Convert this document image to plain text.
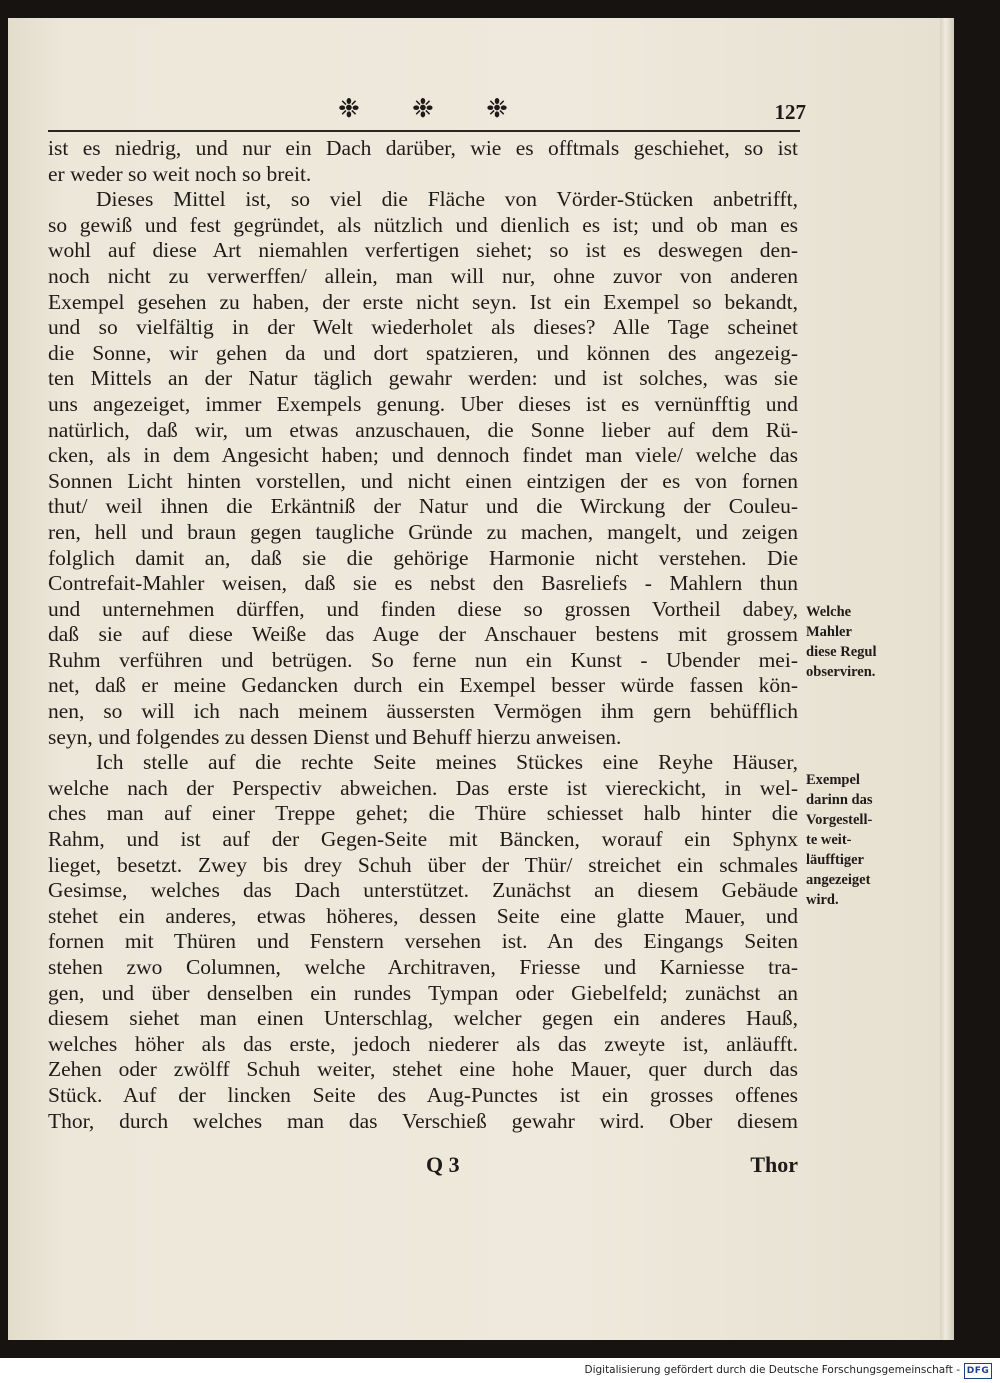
❉ ❉ ❉	127
ist es niedrig, und nur ein Dach darüber, wie es offtmals geschiehet, so ist
er weder so weit noch so breit.
Dieses Mittel ist, so viel die Fläche von Vörder-Stücken anbetrifft,
so gewiß und fest gegründet, als nützlich und dienlich es ist; und ob man es
wohl auf diese Art niemahlen verfertigen siehet; so ist es deswegen den-
noch nicht zu verwerffen/ allein, man will nur, ohne zuvor von anderen
Exempel gesehen zu haben, der erste nicht seyn. Ist ein Exempel so bekandt,
und so vielfältig in der Welt wiederholet als dieses? Alle Tage scheinet
die Sonne, wir gehen da und dort spatzieren, und können des angezeig-
ten Mittels an der Natur täglich gewahr werden: und ist solches, was sie
uns angezeiget, immer Exempels genung. Uber dieses ist es vernünfftig und
natürlich, daß wir, um etwas anzuschauen, die Sonne lieber auf dem Rü-
cken, als in dem Angesicht haben; und dennoch findet man viele/ welche das
Sonnen Licht hinten vorstellen, und nicht einen eintzigen der es von fornen
thut/ weil ihnen die Erkäntniß der Natur und die Wirckung der Couleu-
ren, hell und braun gegen taugliche Gründe zu machen, mangelt, und zeigen
folglich damit an, daß sie die gehörige Harmonie nicht verstehen. Die
Contrefait-Mahler weisen, daß sie es nebst den Basreliefs - Mahlern thun
und unternehmen dürffen, und finden diese so grossen Vortheil dabey,
daß sie auf diese Weiße das Auge der Anschauer bestens mit grossem
Ruhm verführen und betrügen. So ferne nun ein Kunst - Ubender mei-
net, daß er meine Gedancken durch ein Exempel besser würde fassen kön-
nen, so will ich nach meinem äussersten Vermögen ihm gern behüfflich
seyn, und folgendes zu dessen Dienst und Behuff hierzu anweisen.
Ich stelle auf die rechte Seite meines Stückes eine Reyhe Häuser,
welche nach der Perspectiv abweichen. Das erste ist viereckicht, in wel-
ches man auf einer Treppe gehet; die Thüre schiesset halb hinter die
Rahm, und ist auf der Gegen-Seite mit Bäncken, worauf ein Sphynx
lieget, besetzt. Zwey bis drey Schuh über der Thür/ streichet ein schmales
Gesimse, welches das Dach unterstützet. Zunächst an diesem Gebäude
stehet ein anderes, etwas höheres, dessen Seite eine glatte Mauer, und
fornen mit Thüren und Fenstern versehen ist. An des Eingangs Seiten
stehen zwo Columnen, welche Architraven, Friesse und Karniesse tra-
gen, und über denselben ein rundes Tympan oder Giebelfeld; zunächst an
diesem siehet man einen Unterschlag, welcher gegen ein anderes Hauß,
welches höher als das erste, jedoch niederer als das zweyte ist, anläufft.
Zehen oder zwölff Schuh weiter, stehet eine hohe Mauer, quer durch das
Stück. Auf der lincken Seite des Aug-Punctes ist ein grosses offenes
Thor, durch welches man das Verschieß gewahr wird. Ober diesem
Welche
Mahler
diese Regul
observiren.
Exempel
darinn das
Vorgestell-
te weit-
läufftiger
angezeiget
wird.
Q 3	Thor
Digitalisierung gefördert durch die Deutsche Forschungsgemeinschaft - DFG
